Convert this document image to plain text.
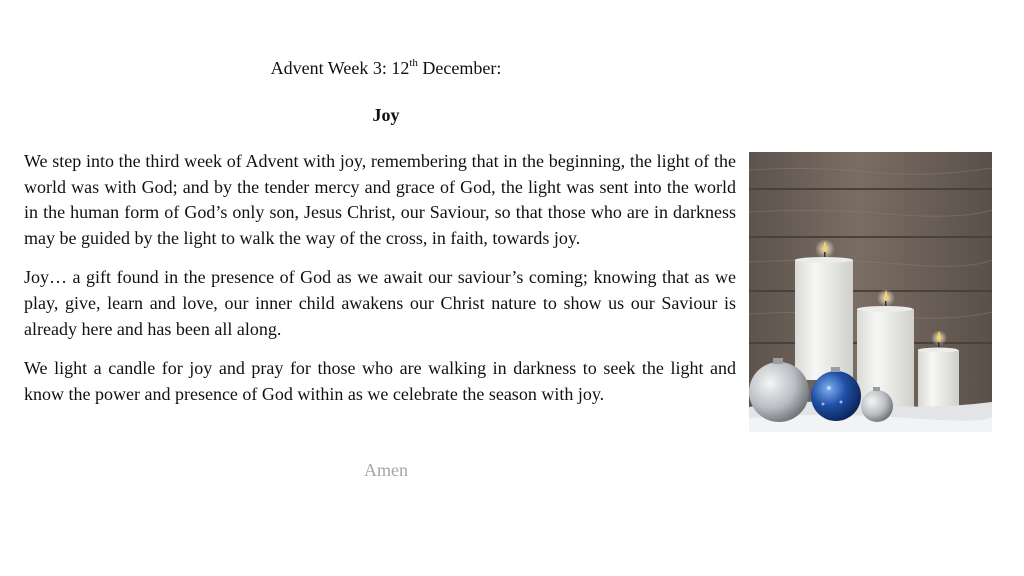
Advent Week 3: 12th December:
Joy

We step into the third week of Advent with joy, remembering that in the beginning, the light of the world was with God; and by the tender mercy and grace of God, the light was sent into the world in the human form of God’s only son, Jesus Christ, our Saviour, so that those who are in darkness may be guided by the light to walk the way of the cross, in faith, towards joy.

Joy… a gift found in the presence of God as we await our saviour’s coming; knowing that as we play, give, learn and love, our inner child awakens our Christ nature to show us our Saviour is already here and has been all along.

We light a candle for joy and pray for those who are walking in darkness to seek the light and know the power and presence of God within as we celebrate the season with joy.

Amen
